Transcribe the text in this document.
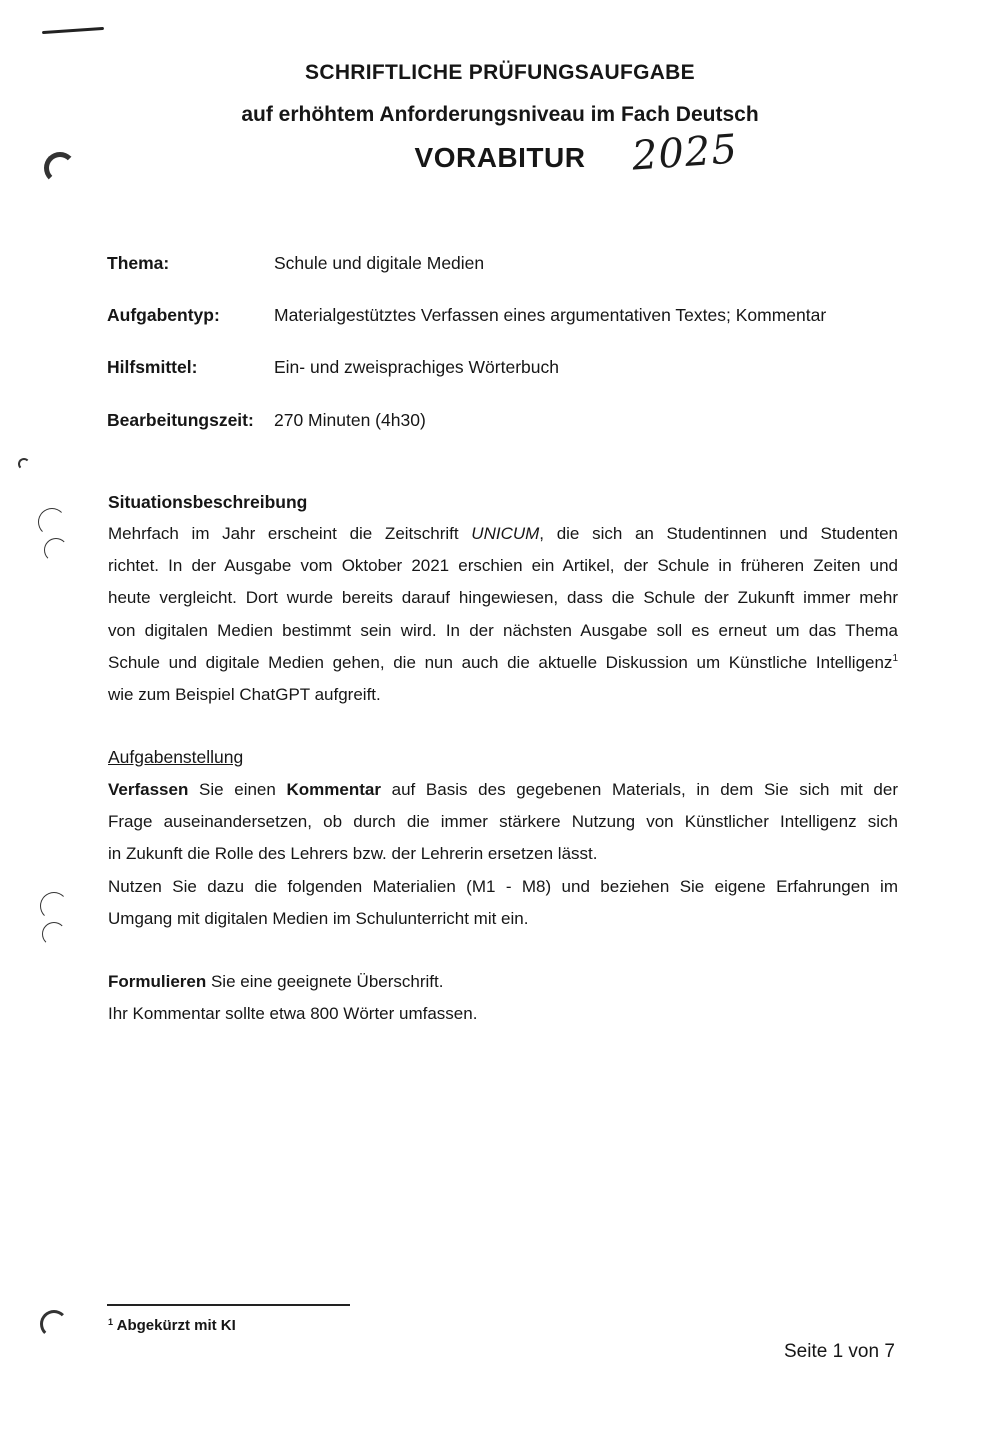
SCHRIFTLICHE PRÜFUNGSAUFGABE
auf erhöhtem Anforderungsniveau im Fach Deutsch
VORABITUR	2025
Thema:	Schule und digitale Medien
Aufgabentyp:	Materialgestütztes Verfassen eines argumentativen Textes; Kommentar
Hilfsmittel:	Ein- und zweisprachiges Wörterbuch
Bearbeitungszeit: 270 Minuten (4h30)
Situationsbeschreibung
Mehrfach im Jahr erscheint die Zeitschrift UNICUM, die sich an Studentinnen und Studenten
richtet. In der Ausgabe vom Oktober 2021 erschien ein Artikel, der Schule in früheren Zeiten und
heute vergleicht. Dort wurde bereits darauf hingewiesen, dass die Schule der Zukunft immer mehr
von digitalen Medien bestimmt sein wird. In der nächsten Ausgabe soll es erneut um das Thema
Schule und digitale Medien gehen, die nun auch die aktuelle Diskussion um Künstliche Intelligenz$^1$
wie zum Beispiel ChatGPT aufgreift.
Aufgabenstellung
Verfassen Sie einen Kommentar auf Basis des gegebenen Materials, in dem Sie sich mit der
Frage auseinandersetzen, ob durch die immer stärkere Nutzung von Künstlicher Intelligenz sich
in Zukunft die Rolle des Lehrers bzw. der Lehrerin ersetzen lässt.
Nutzen Sie dazu die folgenden Materialien (M1 - M8) und beziehen Sie eigene Erfahrungen im
Umgang mit digitalen Medien im Schulunterricht mit ein.
Formulieren Sie eine geeignete Überschrift.
Ihr Kommentar sollte etwa 800 Wörter umfassen.
$^1$ Abgekürzt mit KI
Seite 1 von 7
